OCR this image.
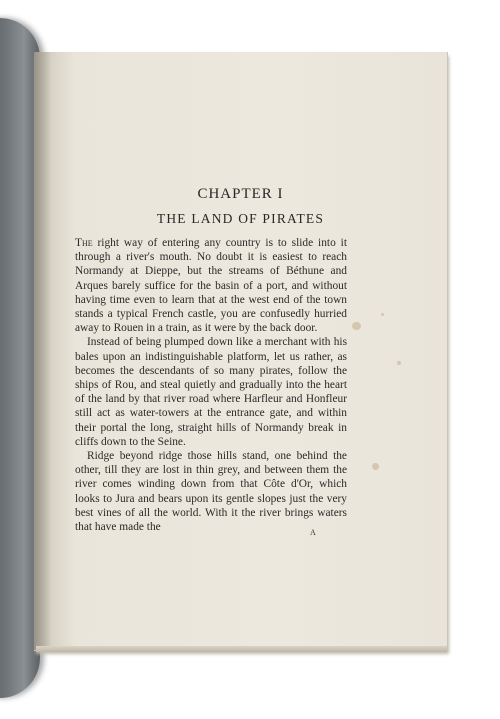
CHAPTER I
THE LAND OF PIRATES

The right way of entering any country is to slide into it through a river's mouth. No doubt it is easiest to reach Normandy at Dieppe, but the streams of Béthune and Arques barely suffice for the basin of a port, and without having time even to learn that at the west end of the town stands a typical French castle, you are confusedly hurried away to Rouen in a train, as it were by the back door.

Instead of being plumped down like a merchant with his bales upon an indistinguishable platform, let us rather, as becomes the descendants of so many pirates, follow the ships of Rou, and steal quietly and gradually into the heart of the land by that river road where Harfleur and Honfleur still act as water-towers at the entrance gate, and within their portal the long, straight hills of Normandy break in cliffs down to the Seine.

Ridge beyond ridge those hills stand, one behind the other, till they are lost in thin grey, and between them the river comes winding down from that Côte d'Or, which looks to Jura and bears upon its gentle slopes just the very best vines of all the world. With it the river brings waters that have made the	A
